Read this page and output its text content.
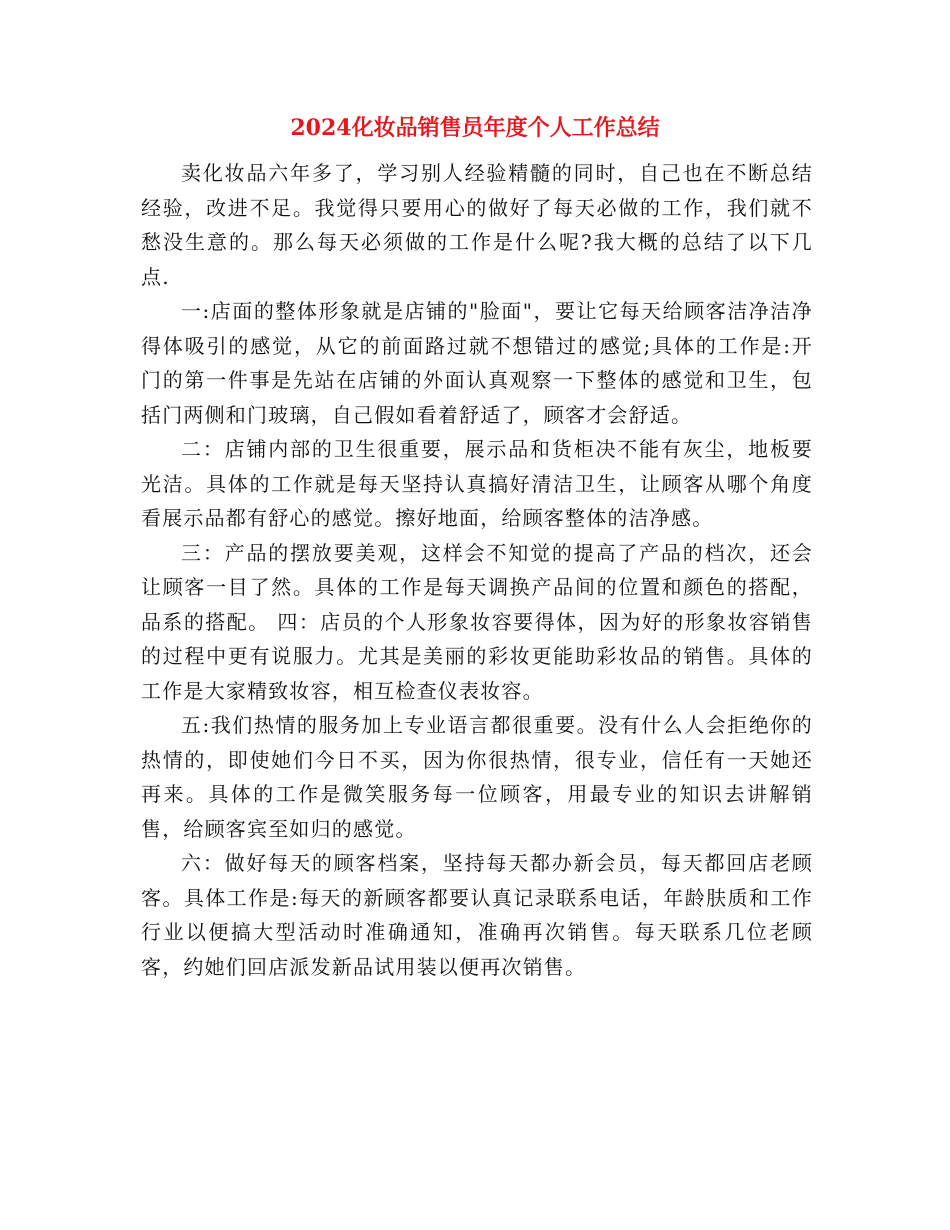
2024化妆品销售员年度个人工作总结

卖化妆品六年多了，学习别人经验精髓的同时，自己也在不断总结经验，改进不足。我觉得只要用心的做好了每天必做的工作，我们就不愁没生意的。那么每天必须做的工作是什么呢?我大概的总结了以下几点.

一:店面的整体形象就是店铺的"脸面"，要让它每天给顾客洁净洁净得体吸引的感觉，从它的前面路过就不想错过的感觉;具体的工作是:开门的第一件事是先站在店铺的外面认真观察一下整体的感觉和卫生，包括门两侧和门玻璃，自己假如看着舒适了，顾客才会舒适。

二：店铺内部的卫生很重要，展示品和货柜决不能有灰尘，地板要光洁。具体的工作就是每天坚持认真搞好清洁卫生，让顾客从哪个角度看展示品都有舒心的感觉。擦好地面，给顾客整体的洁净感。

三：产品的摆放要美观，这样会不知觉的提高了产品的档次，还会让顾客一目了然。具体的工作是每天调换产品间的位置和颜色的搭配，品系的搭配。 四：店员的个人形象妆容要得体，因为好的形象妆容销售的过程中更有说服力。尤其是美丽的彩妆更能助彩妆品的销售。具体的工作是大家精致妆容，相互检查仪表妆容。

五:我们热情的服务加上专业语言都很重要。没有什么人会拒绝你的热情的，即使她们今日不买，因为你很热情，很专业，信任有一天她还再来。具体的工作是微笑服务每一位顾客，用最专业的知识去讲解销售，给顾客宾至如归的感觉。

六：做好每天的顾客档案，坚持每天都办新会员，每天都回店老顾客。具体工作是:每天的新顾客都要认真记录联系电话，年龄肤质和工作行业以便搞大型活动时准确通知，准确再次销售。每天联系几位老顾客，约她们回店派发新品试用装以便再次销售。
